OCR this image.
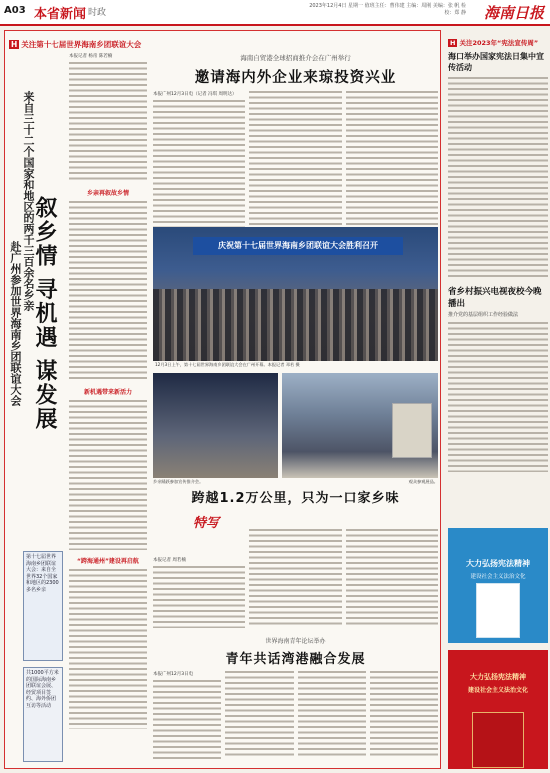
A03 本省新闻 时政
2023年12月4日 星期一 值班主任：曹伟建 主编：周刚 美编：张 帆 检校：郑 静 海南日报
H 关注第十七届世界海南乡团联谊大会
来自三十二个国家和地区的两千三百余名乡亲
叙乡情 寻机遇 谋发展
赴广州参加世界海南乡团联谊大会
第十七届世界海南乡团联谊大会：来自全世界32个国家和地区的2300多名乡亲
共1000平方米的国际海南乡团联谊会展、经贸项目签约、海外侨团互访等活动
本报记者 杨帝 陈若楠
乡亲再叙故乡情
新机遇带来新活力
“跨海通州”建设再启航
海南自贸港全球招商推介会在广州举行
邀请海内外企业来琼投资兴业
本报广州12月3日电（记者 冯琪 周明达）
庆祝第十七届世界海南乡团联谊大会胜利召开
12月3日上午，第十七届世界海南乡团联谊大会在广州开幕。本报记者 邓若 摄
乡亲踊跃参加宣传推介会。	观众参观展品。
跨越1.2万公里，只为一口家乡味
特写
本报记者 周若楠
世界海南青年论坛举办
青年共话湾港融合发展
本报广州12月3日电
H 关注2023年“宪法宣传周”
海口举办国家宪法日集中宣传活动
省乡村振兴电视夜校今晚播出
推介党的基层组织工作经验做法
大力弘扬宪法精神
建设社会主义法治文化
大力弘扬宪法精神
建设社会主义法治文化
